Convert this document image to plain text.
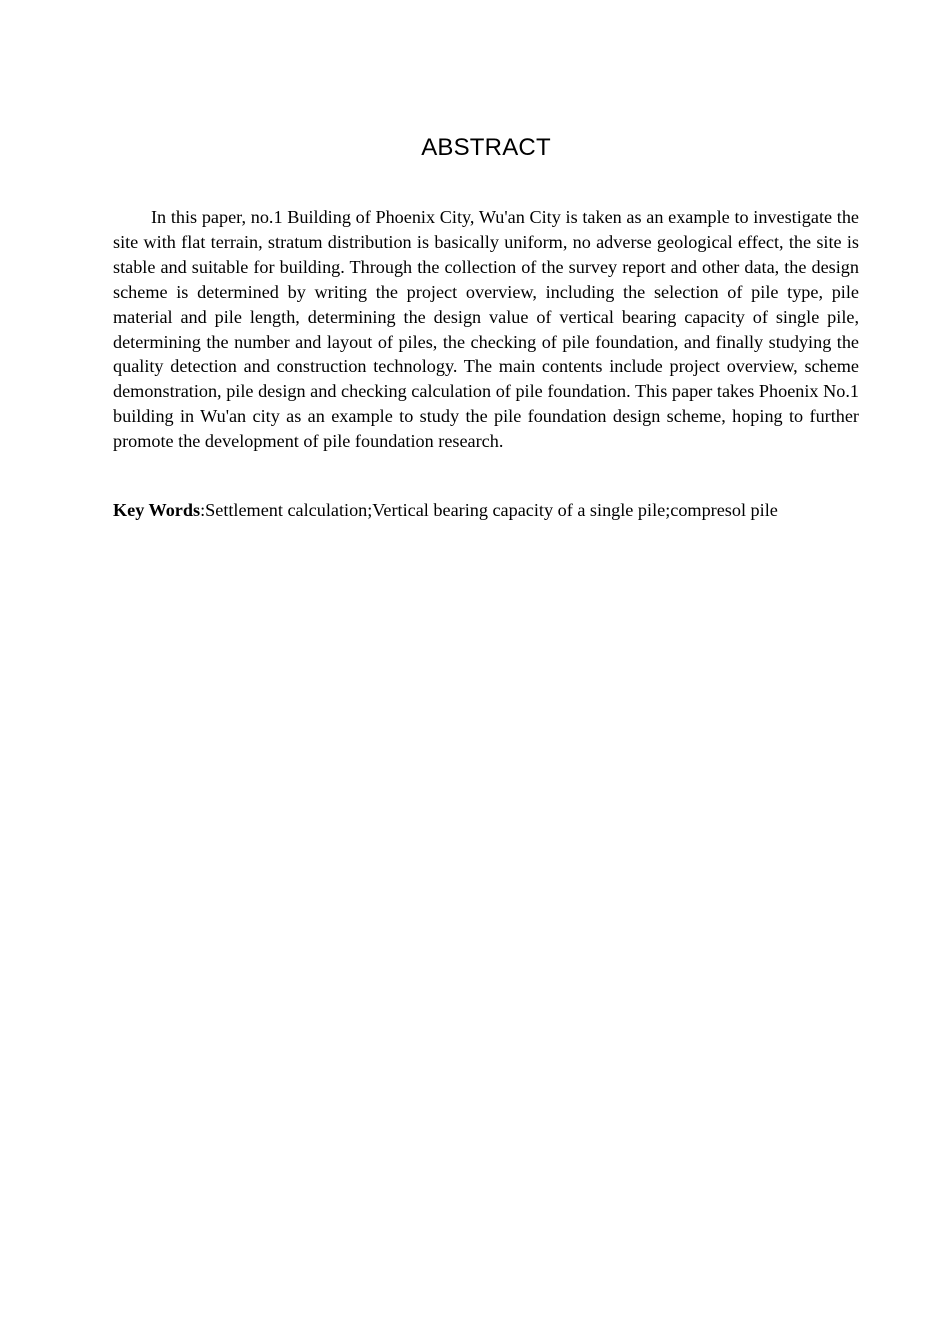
ABSTRACT

In this paper, no.1 Building of Phoenix City, Wu'an City is taken as an example to investigate the site with flat terrain, stratum distribution is basically uniform, no adverse geological effect, the site is stable and suitable for building. Through the collection of the survey report and other data, the design scheme is determined by writing the project overview, including the selection of pile type, pile material and pile length, determining the design value of vertical bearing capacity of single pile, determining the number and layout of piles, the checking of pile foundation, and finally studying the quality detection and construction technology. The main contents include project overview, scheme demonstration, pile design and checking calculation of pile foundation. This paper takes Phoenix No.1 building in Wu'an city as an example to study the pile foundation design scheme, hoping to further promote the development of pile foundation research.

Key Words:Settlement calculation;Vertical bearing capacity of a single pile;compresol pile
